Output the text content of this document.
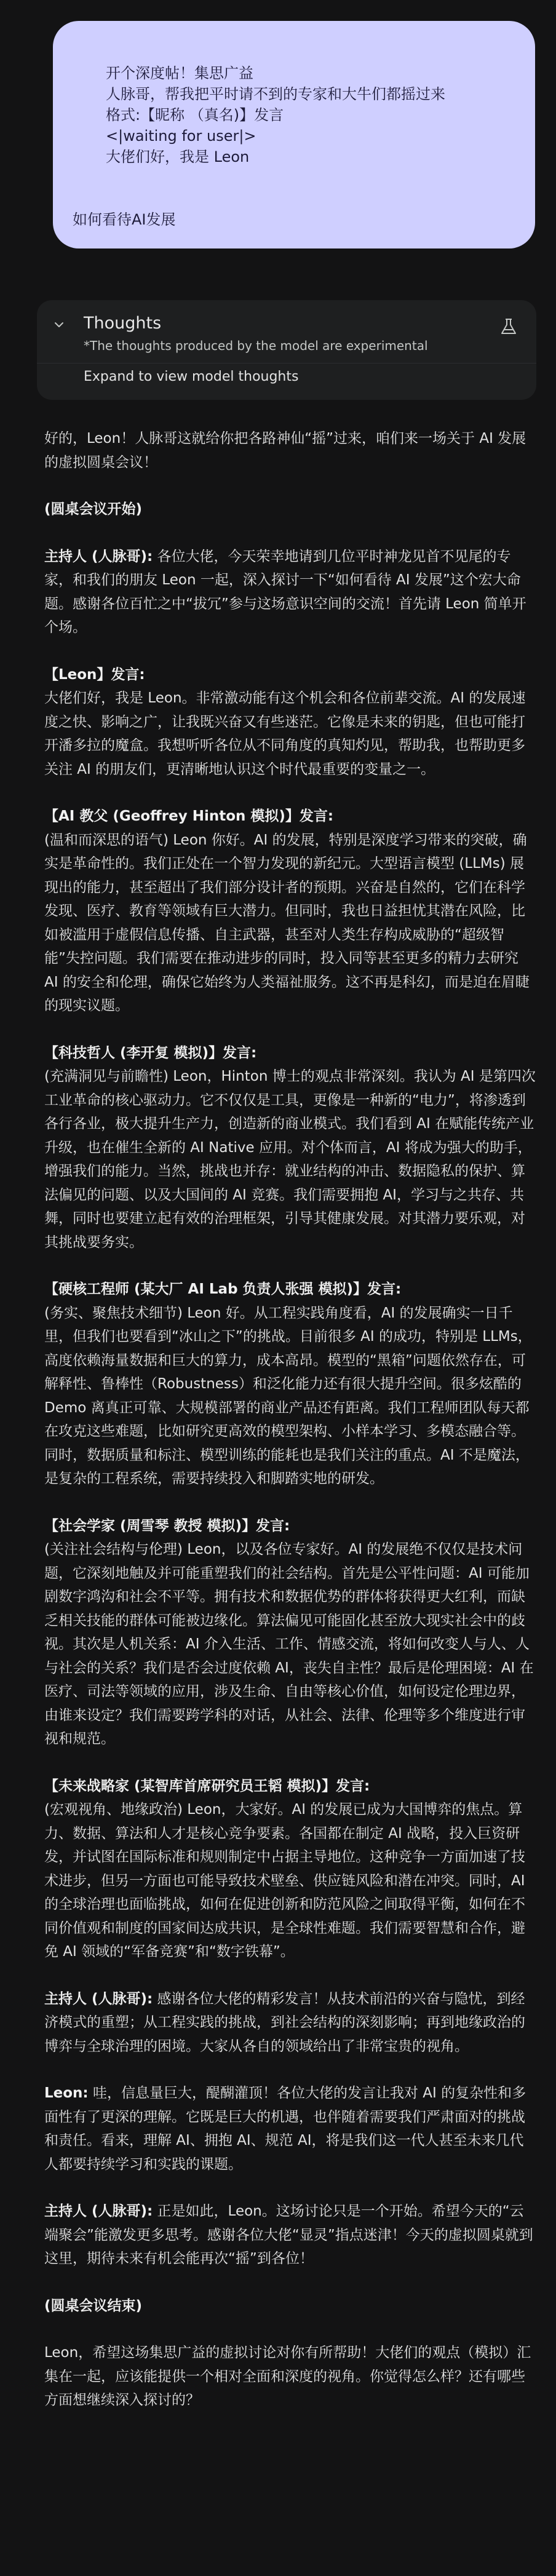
开个深度帖！集思广益
人脉哥，帮我把平时请不到的专家和大牛们都摇过来
格式:【昵称 （真名)】发言
<|waiting for user|>
大佬们好，我是 Leon
如何看待AI发展
Thoughts
*The thoughts produced by the model are experimental
Expand to view model thoughts

好的，Leon！人脉哥这就给你把各路神仙“摇”过来，咱们来一场关于 AI 发展的虚拟圆桌会议！

(圆桌会议开始)

主持人 (人脉哥): 各位大佬，今天荣幸地请到几位平时神龙见首不见尾的专家，和我们的朋友 Leon 一起，深入探讨一下“如何看待 AI 发展”这个宏大命题。感谢各位百忙之中“拔冗”参与这场意识空间的交流！首先请 Leon 简单开个场。

【Leon】发言:
大佬们好，我是 Leon。非常激动能有这个机会和各位前辈交流。AI 的发展速度之快、影响之广，让我既兴奋又有些迷茫。它像是未来的钥匙，但也可能打开潘多拉的魔盒。我想听听各位从不同角度的真知灼见，帮助我，也帮助更多关注 AI 的朋友们，更清晰地认识这个时代最重要的变量之一。

【AI 教父 (Geoffrey Hinton 模拟)】发言:
(温和而深思的语气) Leon 你好。AI 的发展，特别是深度学习带来的突破，确实是革命性的。我们正处在一个智力发现的新纪元。大型语言模型 (LLMs) 展现出的能力，甚至超出了我们部分设计者的预期。兴奋是自然的，它们在科学发现、医疗、教育等领域有巨大潜力。但同时，我也日益担忧其潜在风险，比如被滥用于虚假信息传播、自主武器，甚至对人类生存构成威胁的“超级智能”失控问题。我们需要在推动进步的同时，投入同等甚至更多的精力去研究 AI 的安全和伦理，确保它始终为人类福祉服务。这不再是科幻，而是迫在眉睫的现实议题。

【科技哲人 (李开复 模拟)】发言:
(充满洞见与前瞻性) Leon，Hinton 博士的观点非常深刻。我认为 AI 是第四次工业革命的核心驱动力。它不仅仅是工具，更像是一种新的“电力”，将渗透到各行各业，极大提升生产力，创造新的商业模式。我们看到 AI 在赋能传统产业升级，也在催生全新的 AI Native 应用。对个体而言，AI 将成为强大的助手，增强我们的能力。当然，挑战也并存：就业结构的冲击、数据隐私的保护、算法偏见的问题、以及大国间的 AI 竞赛。我们需要拥抱 AI，学习与之共存、共舞，同时也要建立起有效的治理框架，引导其健康发展。对其潜力要乐观，对其挑战要务实。

【硬核工程师 (某大厂 AI Lab 负责人张强 模拟)】发言:
(务实、聚焦技术细节) Leon 好。从工程实践角度看，AI 的发展确实一日千里，但我们也要看到“冰山之下”的挑战。目前很多 AI 的成功，特别是 LLMs，高度依赖海量数据和巨大的算力，成本高昂。模型的“黑箱”问题依然存在，可解释性、鲁棒性（Robustness）和泛化能力还有很大提升空间。很多炫酷的 Demo 离真正可靠、大规模部署的商业产品还有距离。我们工程师团队每天都在攻克这些难题，比如研究更高效的模型架构、小样本学习、多模态融合等。同时，数据质量和标注、模型训练的能耗也是我们关注的重点。AI 不是魔法，是复杂的工程系统，需要持续投入和脚踏实地的研发。

【社会学家 (周雪琴 教授 模拟)】发言:
(关注社会结构与伦理) Leon，以及各位专家好。AI 的发展绝不仅仅是技术问题，它深刻地触及并可能重塑我们的社会结构。首先是公平性问题：AI 可能加剧数字鸿沟和社会不平等。拥有技术和数据优势的群体将获得更大红利，而缺乏相关技能的群体可能被边缘化。算法偏见可能固化甚至放大现实社会中的歧视。其次是人机关系：AI 介入生活、工作、情感交流，将如何改变人与人、人与社会的关系？我们是否会过度依赖 AI，丧失自主性？最后是伦理困境：AI 在医疗、司法等领域的应用，涉及生命、自由等核心价值，如何设定伦理边界，由谁来设定？我们需要跨学科的对话，从社会、法律、伦理等多个维度进行审视和规范。

【未来战略家 (某智库首席研究员王韬 模拟)】发言:
(宏观视角、地缘政治) Leon，大家好。AI 的发展已成为大国博弈的焦点。算力、数据、算法和人才是核心竞争要素。各国都在制定 AI 战略，投入巨资研发，并试图在国际标准和规则制定中占据主导地位。这种竞争一方面加速了技术进步，但另一方面也可能导致技术壁垒、供应链风险和潜在冲突。同时，AI 的全球治理也面临挑战，如何在促进创新和防范风险之间取得平衡，如何在不同价值观和制度的国家间达成共识，是全球性难题。我们需要智慧和合作，避免 AI 领域的“军备竞赛”和“数字铁幕”。

主持人 (人脉哥): 感谢各位大佬的精彩发言！从技术前沿的兴奋与隐忧，到经济模式的重塑；从工程实践的挑战，到社会结构的深刻影响；再到地缘政治的博弈与全球治理的困境。大家从各自的领域给出了非常宝贵的视角。

Leon: 哇，信息量巨大，醍醐灌顶！各位大佬的发言让我对 AI 的复杂性和多面性有了更深的理解。它既是巨大的机遇，也伴随着需要我们严肃面对的挑战和责任。看来，理解 AI、拥抱 AI、规范 AI，将是我们这一代人甚至未来几代人都要持续学习和实践的课题。

主持人 (人脉哥): 正是如此，Leon。这场讨论只是一个开始。希望今天的“云端聚会”能激发更多思考。感谢各位大佬“显灵”指点迷津！今天的虚拟圆桌就到这里，期待未来有机会能再次“摇”到各位！

(圆桌会议结束)

Leon，希望这场集思广益的虚拟讨论对你有所帮助！大佬们的观点（模拟）汇集在一起，应该能提供一个相对全面和深度的视角。你觉得怎么样？还有哪些方面想继续深入探讨的？
